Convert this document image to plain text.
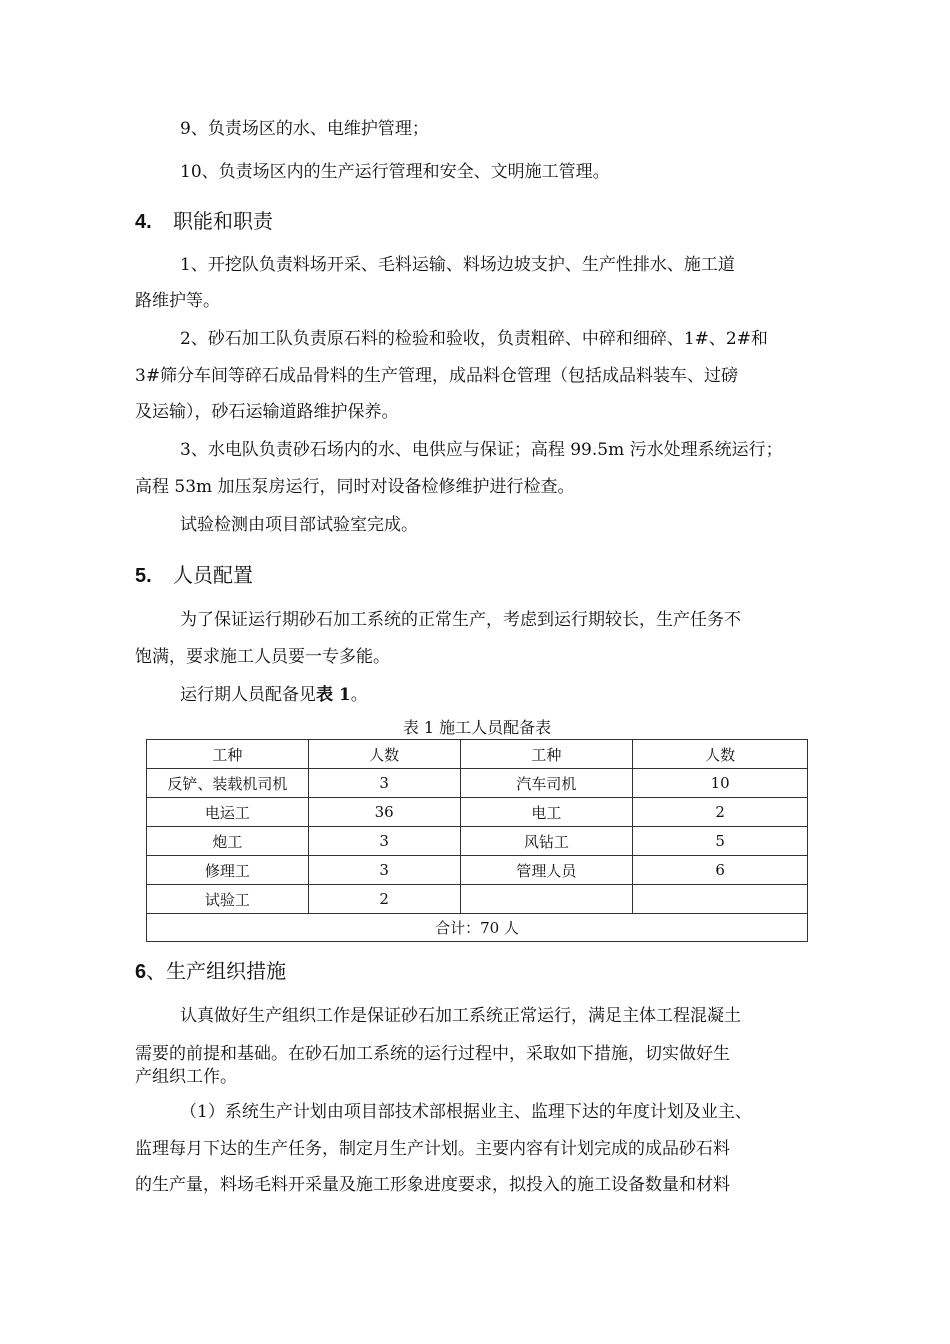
9、负责场区的水、电维护管理；
10、负责场区内的生产运行管理和安全、文明施工管理。
4. 职能和职责
1、开挖队负责料场开采、毛料运输、料场边坡支护、生产性排水、施工道
路维护等。
2、砂石加工队负责原石料的检验和验收，负责粗碎、中碎和细碎、1#、2#和
3#筛分车间等碎石成品骨料的生产管理，成品料仓管理（包括成品料装车、过磅
及运输），砂石运输道路维护保养。
3、水电队负责砂石场内的水、电供应与保证；高程 99.5m 污水处理系统运行；
高程 53m 加压泵房运行，同时对设备检修维护进行检查。
试验检测由项目部试验室完成。
5. 人员配置
为了保证运行期砂石加工系统的正常生产，考虑到运行期较长，生产任务不
饱满，要求施工人员要一专多能。
运行期人员配备见表 1。
表 1 施工人员配备表
工种	人数	工种	人数
反铲、装载机司机	3	汽车司机	10
电运工	36	电工	2
炮工	3	风钻工	5
修理工	3	管理人员	6
试验工	2		
合计：70 人			
6、生产组织措施
认真做好生产组织工作是保证砂石加工系统正常运行，满足主体工程混凝土
需要的前提和基础。在砂石加工系统的运行过程中，采取如下措施，切实做好生
产组织工作。
（1）系统生产计划由项目部技术部根据业主、监理下达的年度计划及业主、
监理每月下达的生产任务，制定月生产计划。主要内容有计划完成的成品砂石料
的生产量，料场毛料开采量及施工形象进度要求，拟投入的施工设备数量和材料
